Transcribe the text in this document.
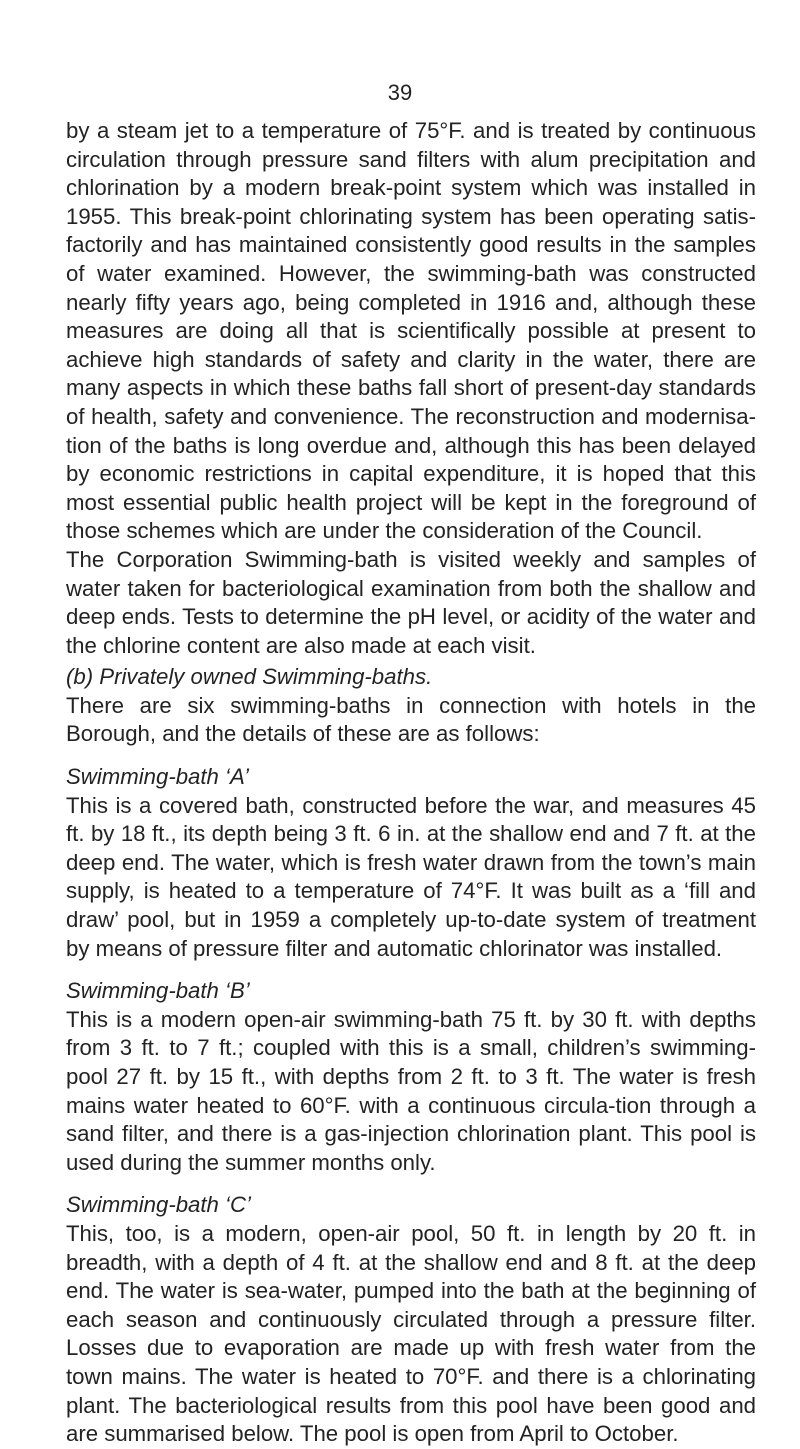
39

by a steam jet to a temperature of 75°F. and is treated by continuous circulation through pressure sand filters with alum precipitation and chlorination by a modern break-point system which was installed in 1955. This break-point chlorinating system has been operating satis-factorily and has maintained consistently good results in the samples of water examined. However, the swimming-bath was constructed nearly fifty years ago, being completed in 1916 and, although these measures are doing all that is scientifically possible at present to achieve high standards of safety and clarity in the water, there are many aspects in which these baths fall short of present-day standards of health, safety and convenience. The reconstruction and modernisa-tion of the baths is long overdue and, although this has been delayed by economic restrictions in capital expenditure, it is hoped that this most essential public health project will be kept in the foreground of those schemes which are under the consideration of the Council.

The Corporation Swimming-bath is visited weekly and samples of water taken for bacteriological examination from both the shallow and deep ends. Tests to determine the pH level, or acidity of the water and the chlorine content are also made at each visit.

(b) Privately owned Swimming-baths.

There are six swimming-baths in connection with hotels in the Borough, and the details of these are as follows:

Swimming-bath ‘A’

This is a covered bath, constructed before the war, and measures 45 ft. by 18 ft., its depth being 3 ft. 6 in. at the shallow end and 7 ft. at the deep end. The water, which is fresh water drawn from the town’s main supply, is heated to a temperature of 74°F. It was built as a ‘fill and draw’ pool, but in 1959 a completely up-to-date system of treatment by means of pressure filter and automatic chlorinator was installed.

Swimming-bath ‘B’

This is a modern open-air swimming-bath 75 ft. by 30 ft. with depths from 3 ft. to 7 ft.; coupled with this is a small, children’s swimming-pool 27 ft. by 15 ft., with depths from 2 ft. to 3 ft. The water is fresh mains water heated to 60°F. with a continuous circula-tion through a sand filter, and there is a gas-injection chlorination plant. This pool is used during the summer months only.

Swimming-bath ‘C’

This, too, is a modern, open-air pool, 50 ft. in length by 20 ft. in breadth, with a depth of 4 ft. at the shallow end and 8 ft. at the deep end. The water is sea-water, pumped into the bath at the beginning of each season and continuously circulated through a pressure filter. Losses due to evaporation are made up with fresh water from the town mains. The water is heated to 70°F. and there is a chlorinating plant. The bacteriological results from this pool have been good and are summarised below. The pool is open from April to October.
